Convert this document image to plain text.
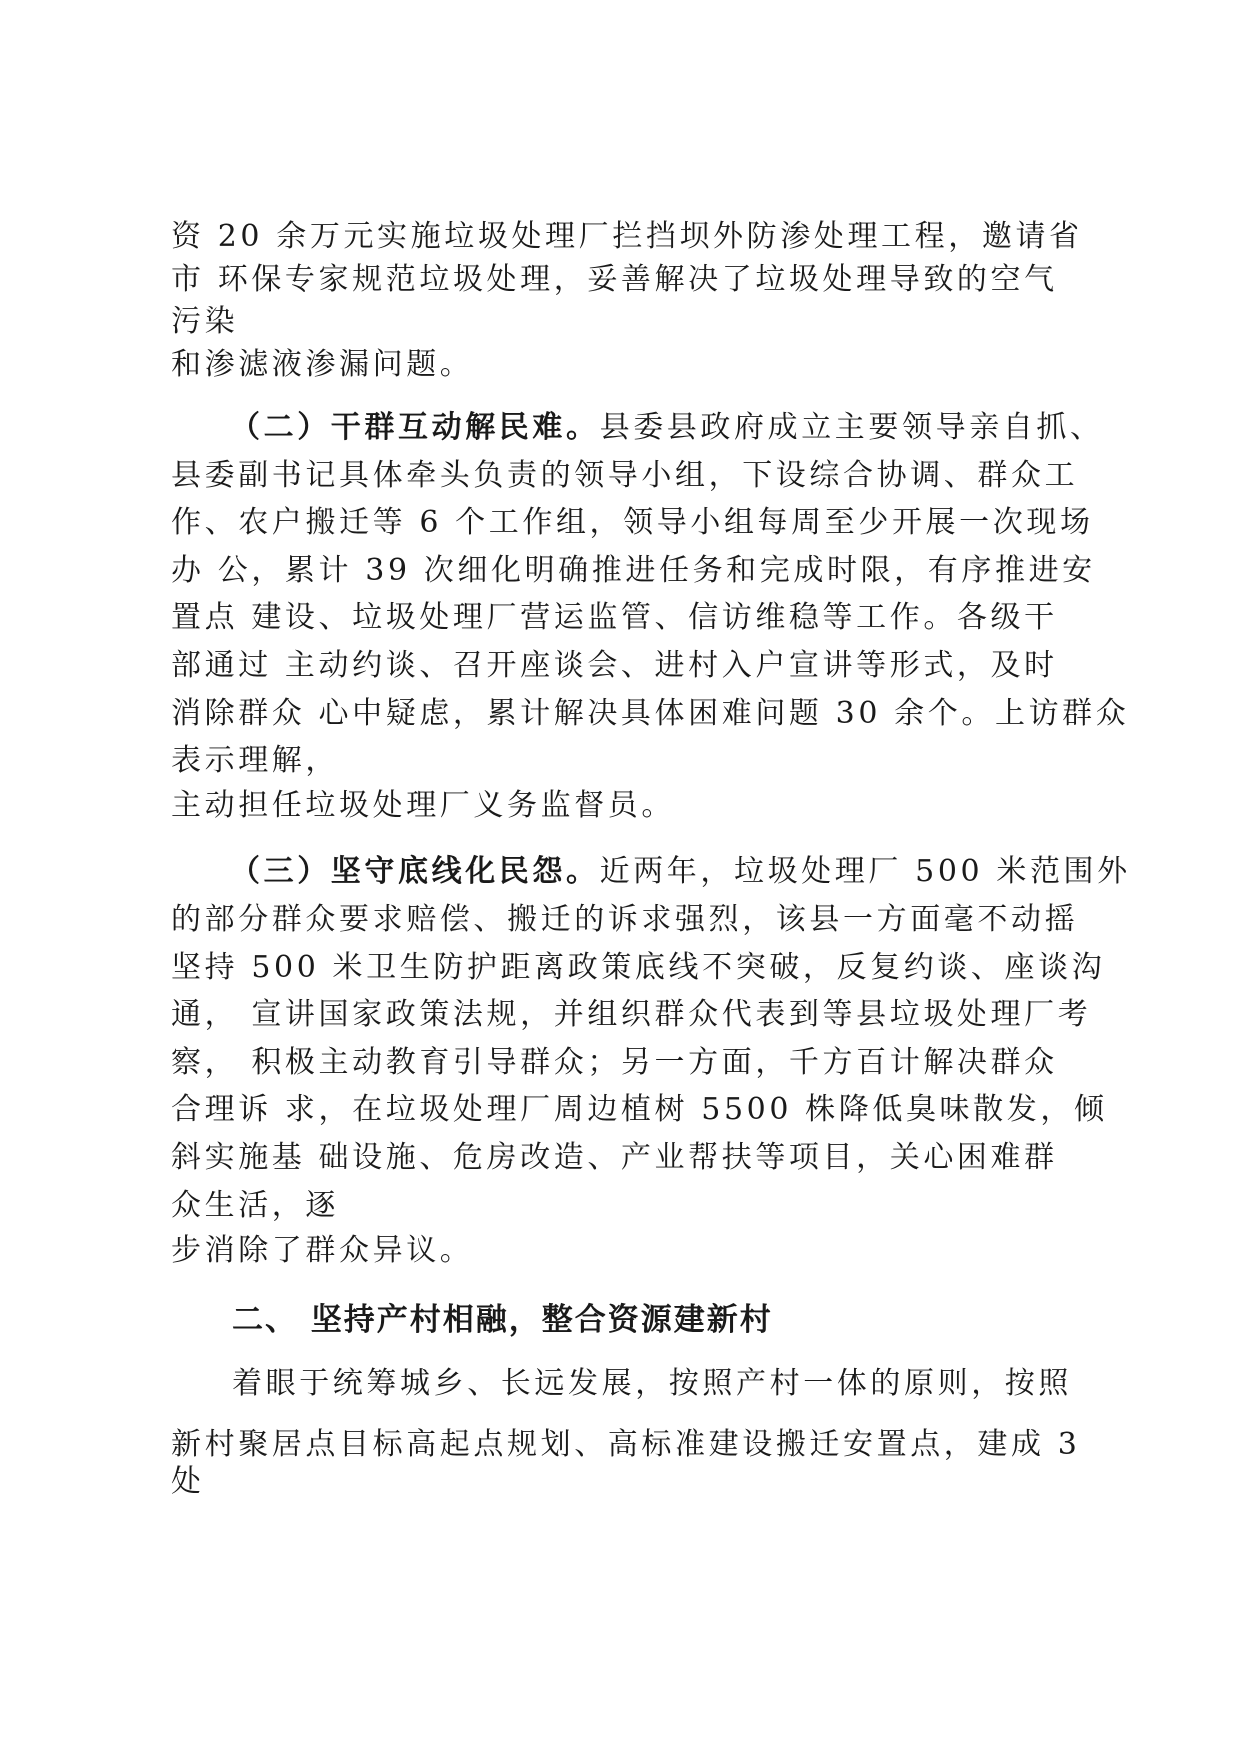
资 20 余万元实施垃圾处理厂拦挡坝外防渗处理工程，邀请省
市 环保专家规范垃圾处理，妥善解决了垃圾处理导致的空气
污染
和渗滤液渗漏问题。
（二）干群互动解民难。县委县政府成立主要领导亲自抓、
县委副书记具体牵头负责的领导小组，下设综合协调、群众工
作、农户搬迁等 6 个工作组，领导小组每周至少开展一次现场
办 公，累计 39 次细化明确推进任务和完成时限，有序推进安
置点 建设、垃圾处理厂营运监管、信访维稳等工作。各级干
部通过 主动约谈、召开座谈会、进村入户宣讲等形式，及时
消除群众 心中疑虑，累计解决具体困难问题 30 余个。上访群众
表示理解，
主动担任垃圾处理厂义务监督员。
（三）坚守底线化民怨。近两年，垃圾处理厂 500 米范围外
的部分群众要求赔偿、搬迁的诉求强烈，该县一方面毫不动摇
坚持 500 米卫生防护距离政策底线不突破，反复约谈、座谈沟
通， 宣讲国家政策法规，并组织群众代表到等县垃圾处理厂考
察， 积极主动教育引导群众；另一方面，千方百计解决群众
合理诉 求，在垃圾处理厂周边植树 5500 株降低臭味散发，倾
斜实施基 础设施、危房改造、产业帮扶等项目，关心困难群
众生活，逐
步消除了群众异议。
二、 坚持产村相融，整合资源建新村
着眼于统筹城乡、长远发展，按照产村一体的原则，按照
新村聚居点目标高起点规划、高标准建设搬迁安置点，建成 3
处
